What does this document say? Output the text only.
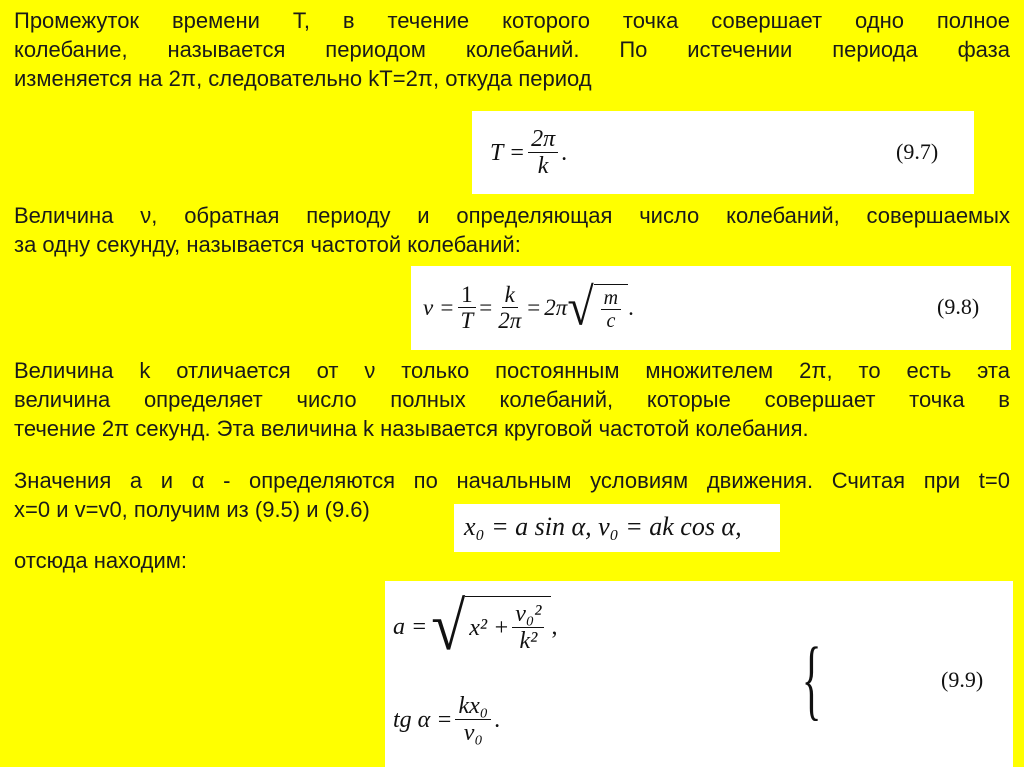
Промежуток времени T, в течение которого точка совершает одно полное
колебание, называется периодом колебаний. По истечении периода фаза
изменяется на 2π, следовательно kT=2π, откуда период
$T = \frac{2\pi}{k}$ .	(9.7)
Величина ν, обратная периоду и определяющая число колебаний, совершаемых
за одну секунду, называется частотой колебаний:
$\nu = \frac{1}{T} = \frac{k}{2\pi} = 2\pi$ √ $\frac{m}{c}$ .	(9.8)
Величина k отличается от ν только постоянным множителем 2π, то есть эта
величина определяет число полных колебаний, которые совершает точка в
течение 2π секунд. Эта величина k называется круговой частотой колебания.
Значения a и α - определяются по начальным условиям движения. Считая при t=0
x=0 и v=v0, получим из (9.5) и (9.6)
x₀ = a sin α, v₀ = ak cos α,
отсюда находим:
a = √ $x^2 + \frac{\text{v₀²}}{\text{k²}}$ ,
tg $\alpha = \frac{\text{kx₀}}{\text{v₀}}$ .	{	(9.9)
